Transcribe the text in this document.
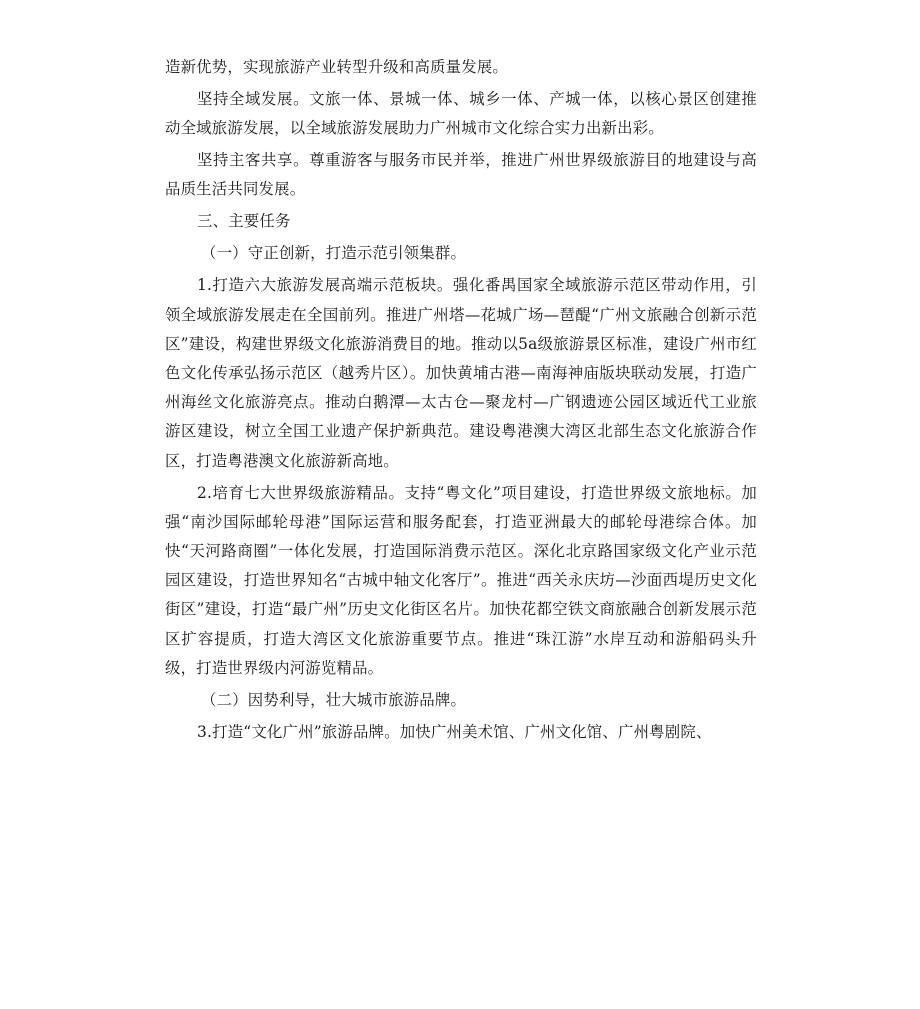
造新优势，实现旅游产业转型升级和高质量发展。

坚持全域发展。文旅一体、景城一体、城乡一体、产城一体，以核心景区创建推动全域旅游发展，以全域旅游发展助力广州城市文化综合实力出新出彩。

坚持主客共享。尊重游客与服务市民并举，推进广州世界级旅游目的地建设与高品质生活共同发展。

三、主要任务

（一）守正创新，打造示范引领集群。

1.打造六大旅游发展高端示范板块。强化番禺国家全域旅游示范区带动作用，引领全域旅游发展走在全国前列。推进广州塔—花城广场—琶醍“广州文旅融合创新示范区”建设，构建世界级文化旅游消费目的地。推动以5a级旅游景区标准，建设广州市红色文化传承弘扬示范区（越秀片区）。加快黄埔古港—南海神庙版块联动发展，打造广州海丝文化旅游亮点。推动白鹅潭—太古仓—聚龙村—广钢遗迹公园区域近代工业旅游区建设，树立全国工业遗产保护新典范。建设粤港澳大湾区北部生态文化旅游合作区，打造粤港澳文化旅游新高地。

2.培育七大世界级旅游精品。支持“粤文化”项目建设，打造世界级文旅地标。加强“南沙国际邮轮母港”国际运营和服务配套，打造亚洲最大的邮轮母港综合体。加快“天河路商圈”一体化发展，打造国际消费示范区。深化北京路国家级文化产业示范园区建设，打造世界知名“古城中轴文化客厅”。推进“西关永庆坊—沙面西堤历史文化街区”建设，打造“最广州”历史文化街区名片。加快花都空铁文商旅融合创新发展示范区扩容提质，打造大湾区文化旅游重要节点。推进“珠江游”水岸互动和游船码头升级，打造世界级内河游览精品。

（二）因势利导，壮大城市旅游品牌。

3.打造“文化广州”旅游品牌。加快广州美术馆、广州文化馆、广州粤剧院、
